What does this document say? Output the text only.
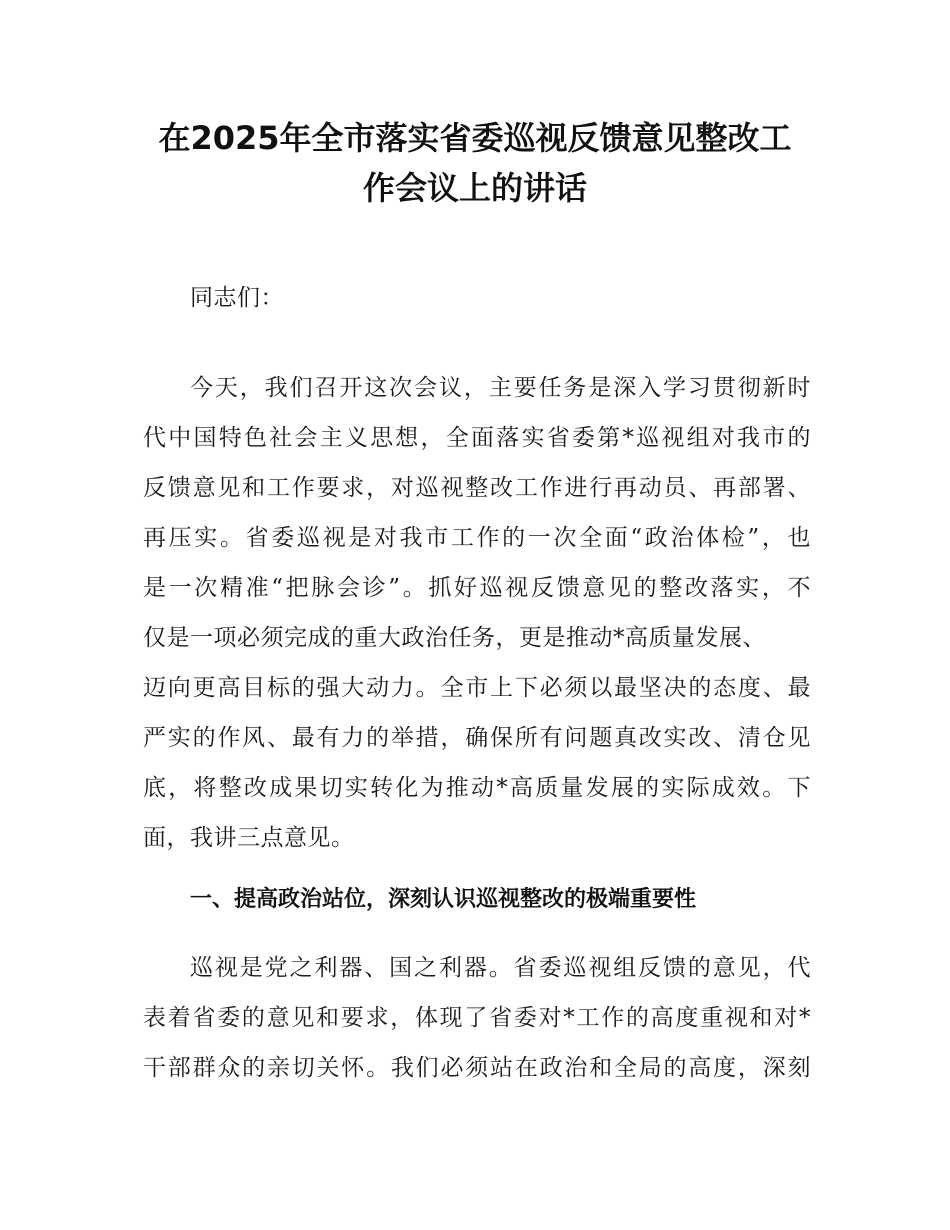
在2025年全市落实省委巡视反馈意见整改工
作会议上的讲话
同志们：
今天，我们召开这次会议，主要任务是深入学习贯彻新时
代中国特色社会主义思想，全面落实省委第*巡视组对我市的
反馈意见和工作要求，对巡视整改工作进行再动员、再部署、
再压实。省委巡视是对我市工作的一次全面“政治体检”，也
是一次精准“把脉会诊”。抓好巡视反馈意见的整改落实，不
仅是一项必须完成的重大政治任务，更是推动*高质量发展、
迈向更高目标的强大动力。全市上下必须以最坚决的态度、最
严实的作风、最有力的举措，确保所有问题真改实改、清仓见
底，将整改成果切实转化为推动*高质量发展的实际成效。下
面，我讲三点意见。
一、提高政治站位，深刻认识巡视整改的极端重要性
巡视是党之利器、国之利器。省委巡视组反馈的意见，代
表着省委的意见和要求，体现了省委对*工作的高度重视和对*
干部群众的亲切关怀。我们必须站在政治和全局的高度，深刻
